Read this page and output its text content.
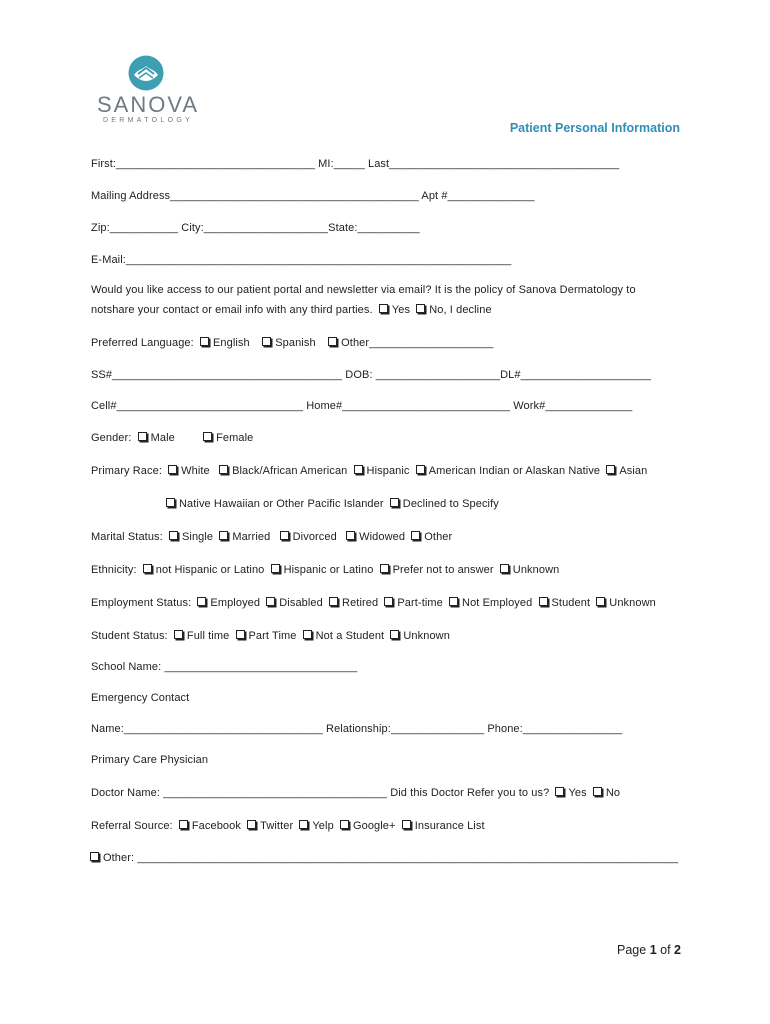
SANOVA
DERMATOLOGY
Patient Personal Information
First:________________________________ MI:_____ Last_____________________________________
Mailing Address________________________________________ Apt #______________
Zip:___________ City:____________________State:__________
E-Mail:______________________________________________________________
Would you like access to our patient portal and newsletter via email? It is the policy of Sanova Dermatology to
notshare your contact or email info with any third parties. Yes No, I decline
Preferred Language: English Spanish Other____________________
SS#_____________________________________ DOB: ____________________DL#_____________________
Cell#______________________________ Home#___________________________ Work#______________
Gender: Male	Female
Primary Race: White Black/African American Hispanic American Indian or Alaskan Native Asian
Native Hawaiian or Other Pacific Islander Declined to Specify
Marital Status: Single Married Divorced Widowed Other
Ethnicity: not Hispanic or Latino Hispanic or Latino Prefer not to answer Unknown
Employment Status: Employed Disabled Retired Part-time Not Employed Student Unknown
Student Status: Full time Part Time Not a Student Unknown
School Name: _______________________________
Emergency Contact
Name:________________________________ Relationship:_______________ Phone:________________
Primary Care Physician
Doctor Name: ____________________________________ Did this Doctor Refer you to us? Yes No
Referral Source: Facebook Twitter Yelp Google+ Insurance List
Other: _______________________________________________________________________________________
Page 1 of 2
